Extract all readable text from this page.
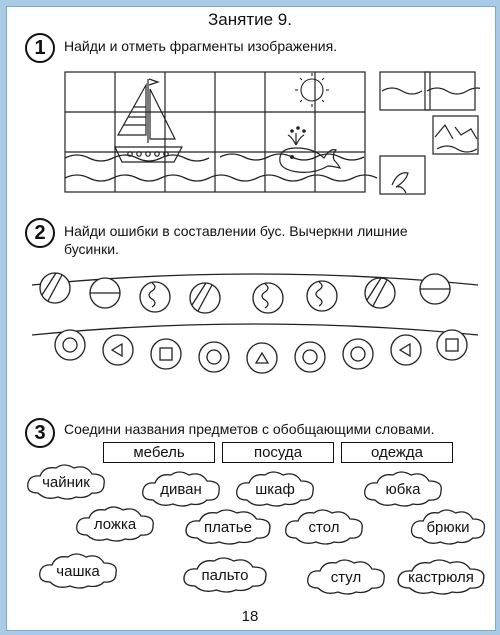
Занятие 9.
1	Найди и отметь фрагменты изображения.
2	Найди ошибки в составлении бус. Вычеркни лишние
бусинки.
3	Соедини названия предметов с обобщающими словами.
мебель	посуда	одежда
чайник	диван	шкаф	юбка
ложка	платье	стол	брюки
чашка	пальто	стул	кастрюля
18
